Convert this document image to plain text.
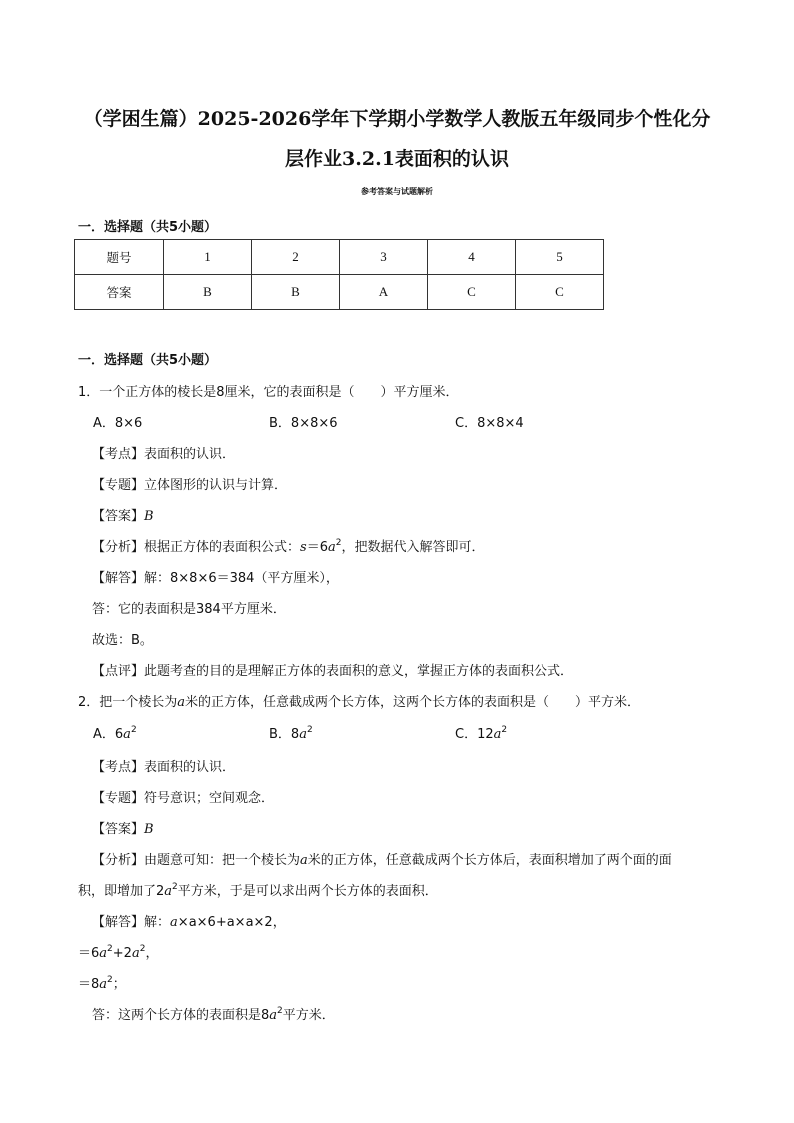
（学困生篇）2025-2026学年下学期小学数学人教版五年级同步个性化分
层作业3.2.1表面积的认识
参考答案与试题解析
一．选择题（共5小题）
题号	1	2	3	4	5
答案	B	B	A	C	C
一．选择题（共5小题）
1．一个正方体的棱长是8厘米，它的表面积是（　　）平方厘米．
A．8×6	B．8×8×6	C．8×8×4
【考点】表面积的认识．
【专题】立体图形的认识与计算．
【答案】B
【分析】根据正方体的表面积公式：$s=6a^2$，把数据代入解答即可．
【解答】解：8×8×6＝384（平方厘米），
答：它的表面积是384平方厘米．
故选：B。
【点评】此题考查的目的是理解正方体的表面积的意义，掌握正方体的表面积公式．
2．把一个棱长为a米的正方体，任意截成两个长方体，这两个长方体的表面积是（　　）平方米．
A．$6a^2$	B．$8a^2$	C．$12a^2$
【考点】表面积的认识．
【专题】符号意识；空间观念．
【答案】B
【分析】由题意可知：把一个棱长为a米的正方体，任意截成两个长方体后，表面积增加了两个面的面
积，即增加了$2a^2$平方米，于是可以求出两个长方体的表面积．
【解答】解：a×a×6+a×a×2，
$=6a^2+2a^2$，
$=8a^2$；
答：这两个长方体的表面积是$8a^2$平方米．
